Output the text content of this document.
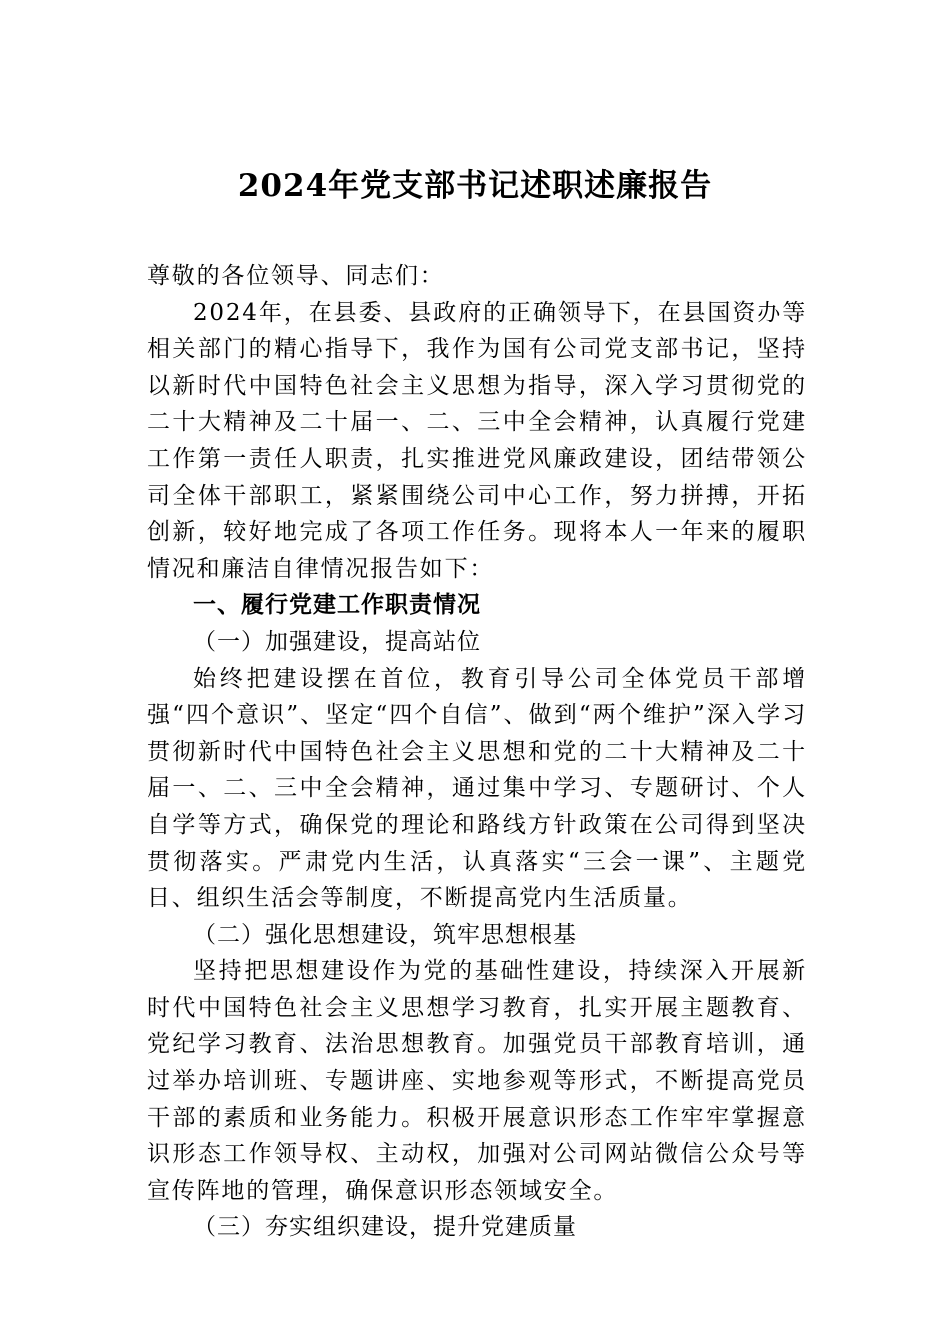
2024年党支部书记述职述廉报告

尊敬的各位领导、同志们：

2024年，在县委、县政府的正确领导下，在县国资办等相关部门的精心指导下，我作为国有公司党支部书记，坚持以新时代中国特色社会主义思想为指导，深入学习贯彻党的二十大精神及二十届一、二、三中全会精神，认真履行党建工作第一责任人职责，扎实推进党风廉政建设，团结带领公司全体干部职工，紧紧围绕公司中心工作，努力拼搏，开拓创新，较好地完成了各项工作任务。现将本人一年来的履职情况和廉洁自律情况报告如下：

一、履行党建工作职责情况

（一）加强建设，提高站位

始终把建设摆在首位，教育引导公司全体党员干部增强“四个意识”、坚定“四个自信”、做到“两个维护”深入学习贯彻新时代中国特色社会主义思想和党的二十大精神及二十届一、二、三中全会精神，通过集中学习、专题研讨、个人自学等方式，确保党的理论和路线方针政策在公司得到坚决贯彻落实。严肃党内生活，认真落实“三会一课”、主题党日、组织生活会等制度，不断提高党内生活质量。

（二）强化思想建设，筑牢思想根基

坚持把思想建设作为党的基础性建设，持续深入开展新时代中国特色社会主义思想学习教育，扎实开展主题教育、党纪学习教育、法治思想教育。加强党员干部教育培训，通过举办培训班、专题讲座、实地参观等形式，不断提高党员干部的素质和业务能力。积极开展意识形态工作牢牢掌握意识形态工作领导权、主动权，加强对公司网站微信公众号等宣传阵地的管理，确保意识形态领域安全。

（三）夯实组织建设，提升党建质量
